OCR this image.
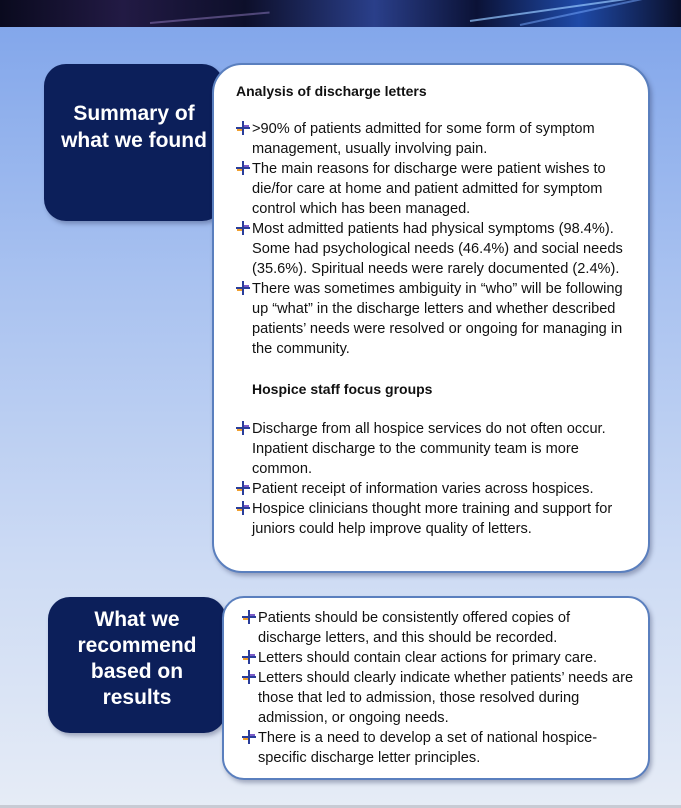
Summary of what we found

Analysis of discharge letters

>90% of patients admitted for some form of symptom management, usually involving pain.
The main reasons for discharge were patient wishes to die/for care at home and patient admitted for symptom control which has been managed.
Most admitted patients had physical symptoms (98.4%). Some had psychological needs (46.4%) and social needs (35.6%). Spiritual needs were rarely documented (2.4%).
There was sometimes ambiguity in “who” will be following up “what” in the discharge letters and whether described patients’ needs were resolved or ongoing for managing in the community.

Hospice staff focus groups

Discharge from all hospice services do not often occur. Inpatient discharge to the community team is more common.
Patient receipt of information varies across hospices.
Hospice clinicians thought more training and support for juniors could help improve quality of letters.
What we recommend based on results
Patients should be consistently offered copies of discharge letters, and this should be recorded.
Letters should contain clear actions for primary care.
Letters should clearly indicate whether patients’ needs are those that led to admission, those resolved during admission, or ongoing needs.
There is a need to develop a set of national hospice-specific discharge letter principles.
